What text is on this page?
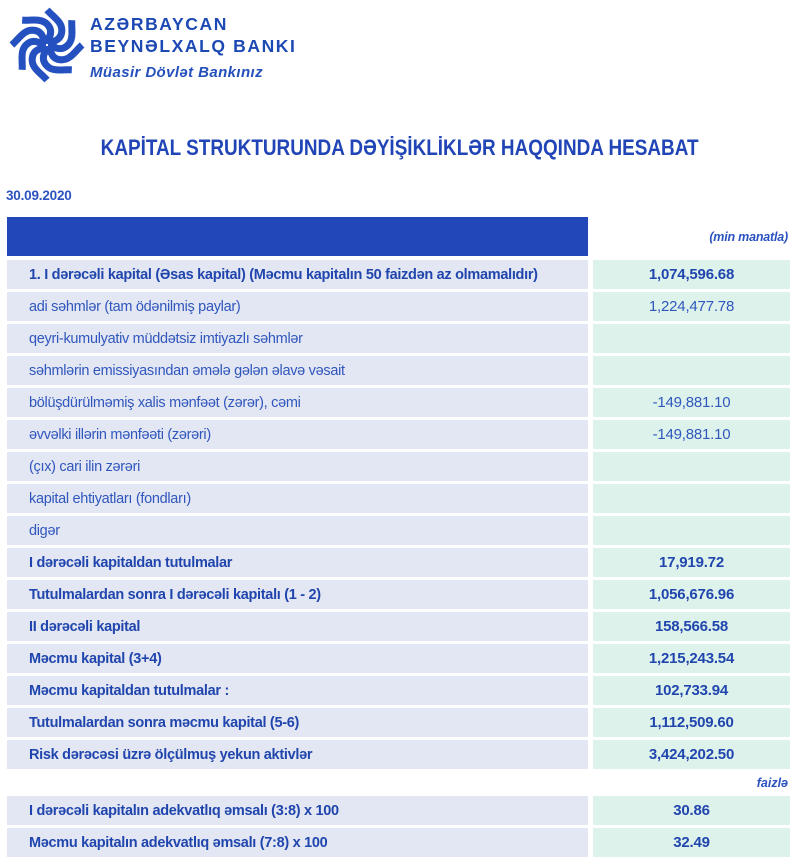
AZƏRBAYCAN
BEYNƏLXALQ BANKI
Müasir Dövlət Bankınız
KAPİTAL STRUKTURUNDA DƏYİŞİKLİKLƏR HAQQINDA HESABAT
30.09.2020
(min manatla)
1. I dərəcəli kapital (Əsas kapital) (Məcmu kapitalın 50 faizdən az olmamalıdır)	1,074,596.68
adi səhmlər (tam ödənilmiş paylar)	1,224,477.78
qeyri-kumulyativ müddətsiz imtiyazlı səhmlər
səhmlərin emissiyasından əmələ gələn əlavə vəsait
bölüşdürülməmiş xalis mənfəət (zərər), cəmi	-149,881.10
əvvəlki illərin mənfəəti (zərəri)	-149,881.10
(çıx) cari ilin zərəri
kapital ehtiyatları (fondları)
digər
I dərəcəli kapitaldan tutulmalar	17,919.72
Tutulmalardan sonra I dərəcəli kapitalı (1 - 2)	1,056,676.96
II dərəcəli kapital	158,566.58
Məcmu kapital (3+4)	1,215,243.54
Məcmu kapitaldan tutulmalar :	102,733.94
Tutulmalardan sonra məcmu kapital (5-6)	1,112,509.60
Risk dərəcəsi üzrə ölçülmuş yekun aktivlər	3,424,202.50
faizlə
I dərəcəli kapitalın adekvatlıq əmsalı (3:8) x 100	30.86
Məcmu kapitalın adekvatlıq əmsalı (7:8) x 100	32.49
